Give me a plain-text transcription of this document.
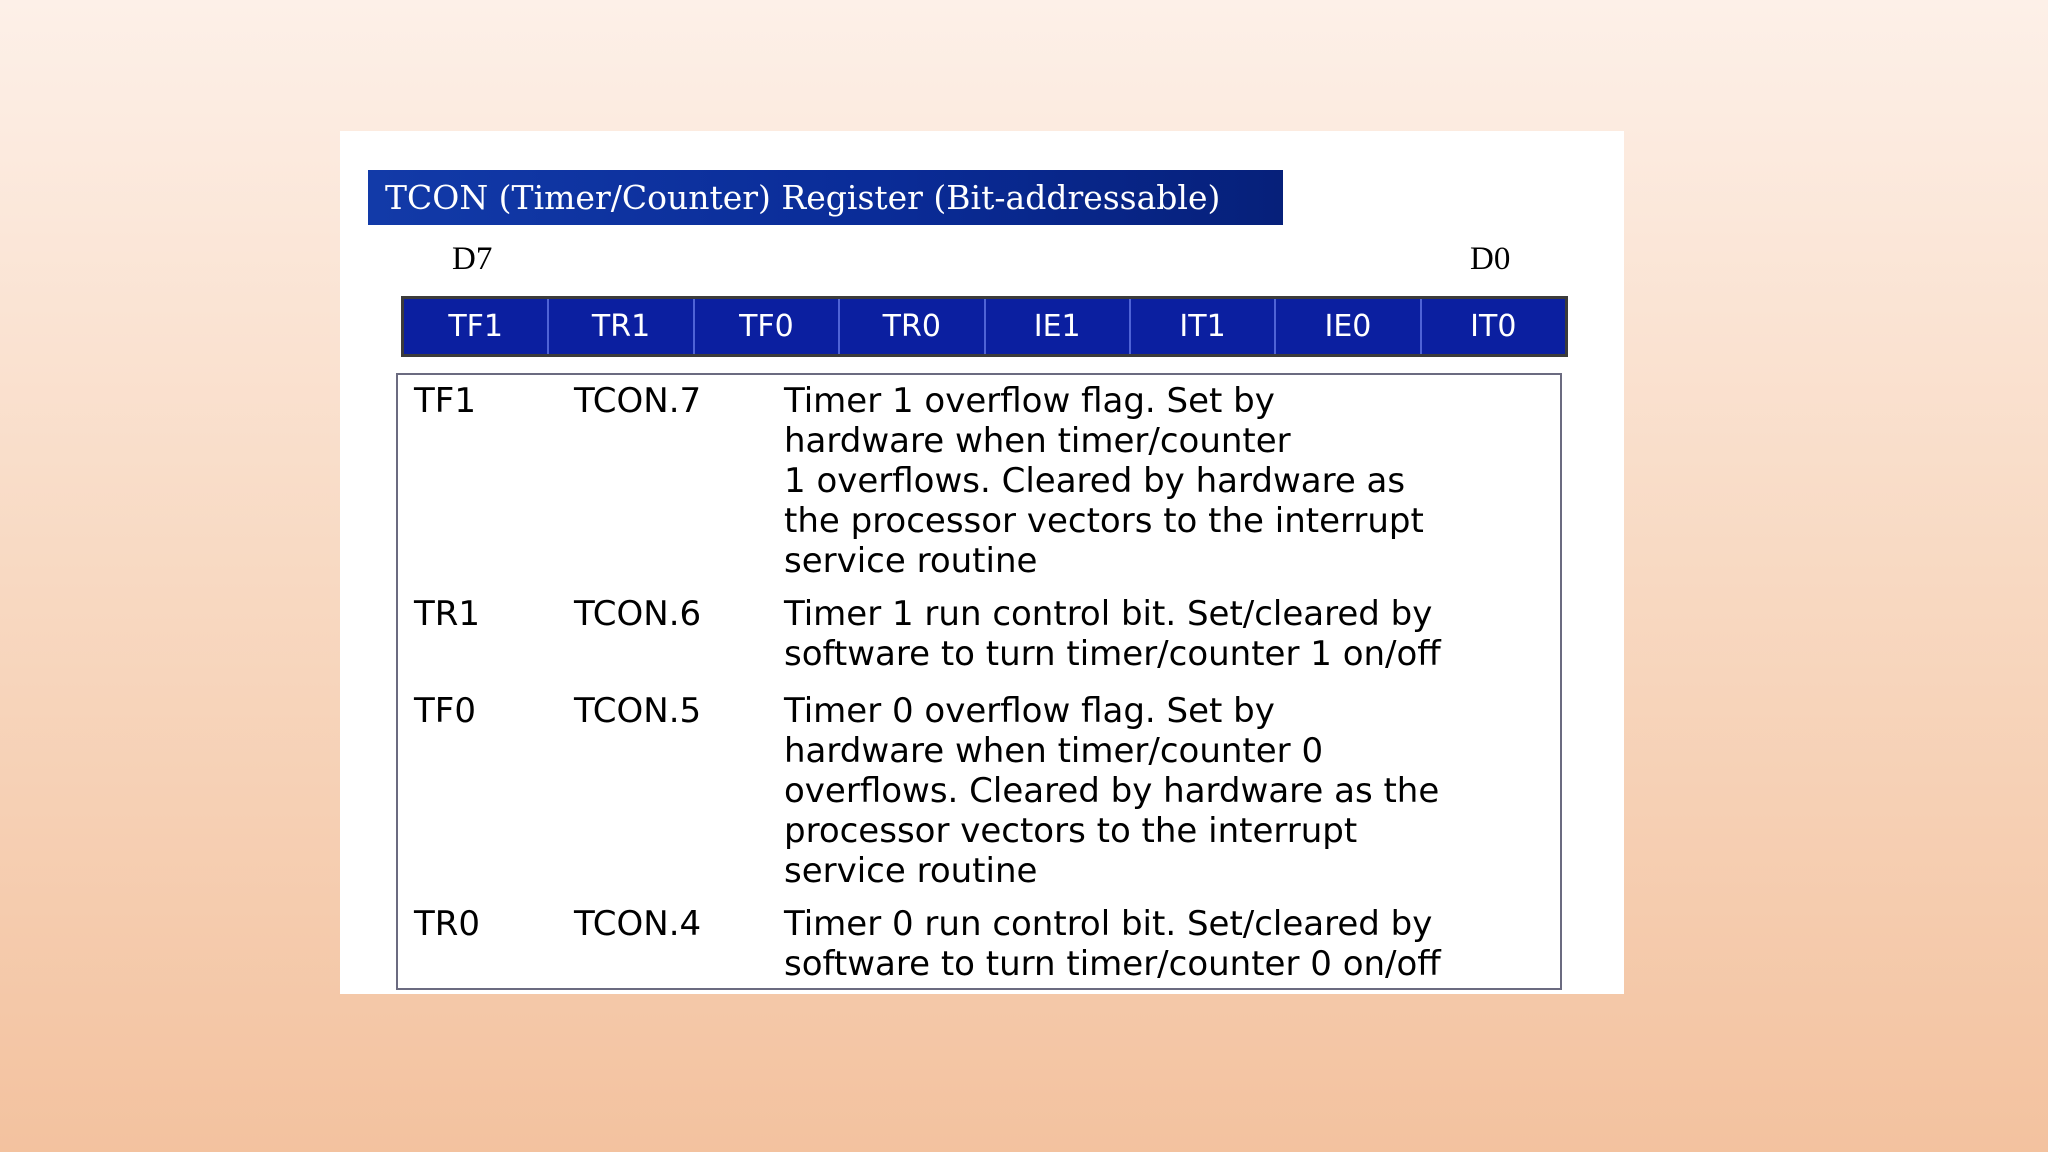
TCON (Timer/Counter) Register (Bit-addressable)
D7	D0
TF1	TR1	TF0	TR0	IE1	IT1	IE0	IT0
TF1	TCON.7 Timer 1 overflow flag. Set by
hardware when timer/counter
1 overflows. Cleared by hardware as
the processor vectors to the interrupt
service routine
TR1	TCON.6 Timer 1 run control bit. Set/cleared by
software to turn timer/counter 1 on/off
TF0	TCON.5 Timer 0 overflow flag. Set by
hardware when timer/counter 0
overflows. Cleared by hardware as the
processor vectors to the interrupt
service routine
TR0	TCON.4 Timer 0 run control bit. Set/cleared by
software to turn timer/counter 0 on/off
